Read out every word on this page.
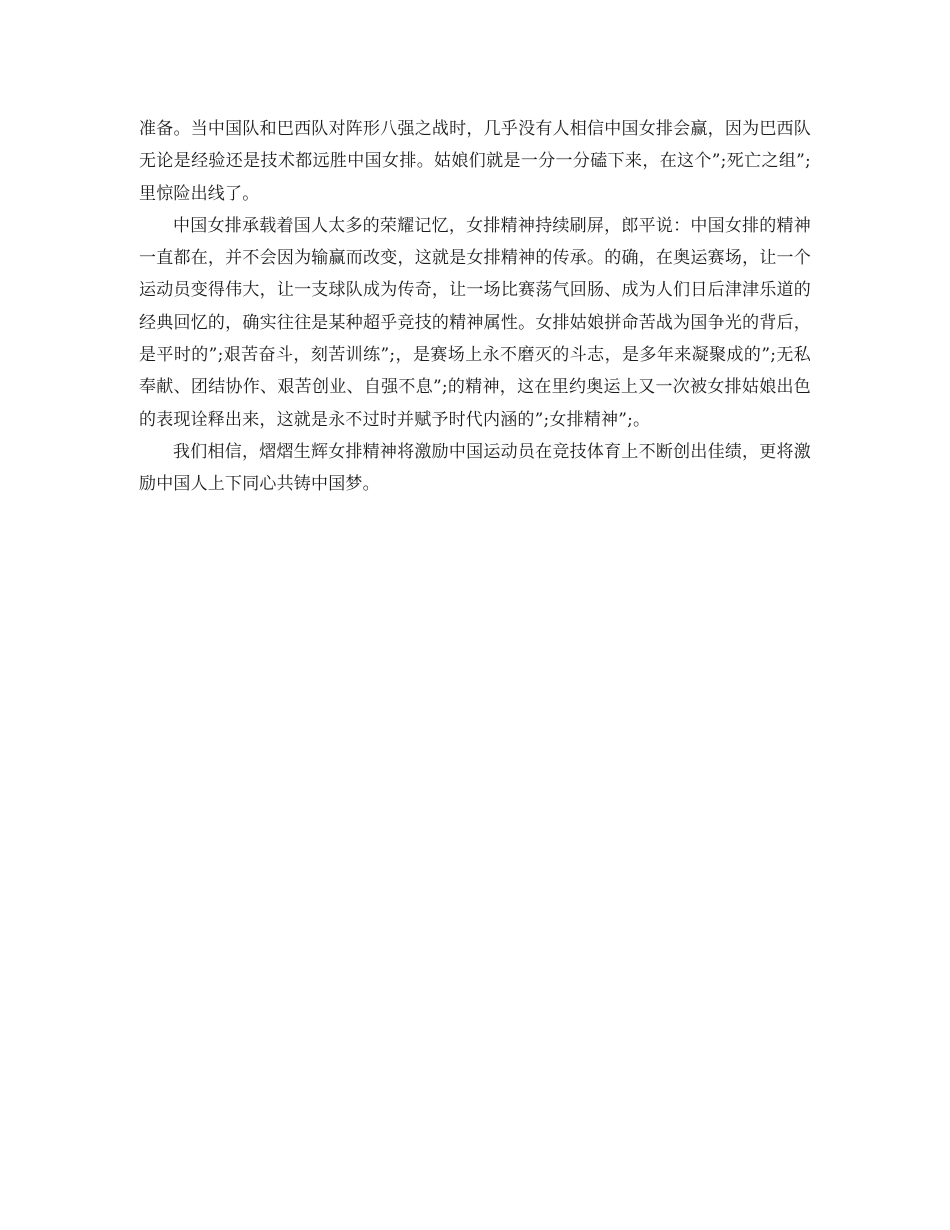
准备。当中国队和巴西队对阵形八强之战时，几乎没有人相信中国女排会赢，因为巴西队无论是经验还是技术都远胜中国女排。姑娘们就是一分一分磕下来，在这个”;死亡之组”;里惊险出线了。

中国女排承载着国人太多的荣耀记忆，女排精神持续刷屏，郎平说：中国女排的精神一直都在，并不会因为输赢而改变，这就是女排精神的传承。的确，在奥运赛场，让一个运动员变得伟大，让一支球队成为传奇，让一场比赛荡气回肠、成为人们日后津津乐道的经典回忆的，确实往往是某种超乎竞技的精神属性。女排姑娘拼命苦战为国争光的背后，是平时的”;艰苦奋斗，刻苦训练”;，是赛场上永不磨灭的斗志，是多年来凝聚成的”;无私奉献、团结协作、艰苦创业、自强不息”;的精神，这在里约奥运上又一次被女排姑娘出色的表现诠释出来，这就是永不过时并赋予时代内涵的”;女排精神”;。

我们相信，熠熠生辉女排精神将激励中国运动员在竞技体育上不断创出佳绩，更将激励中国人上下同心共铸中国梦。
